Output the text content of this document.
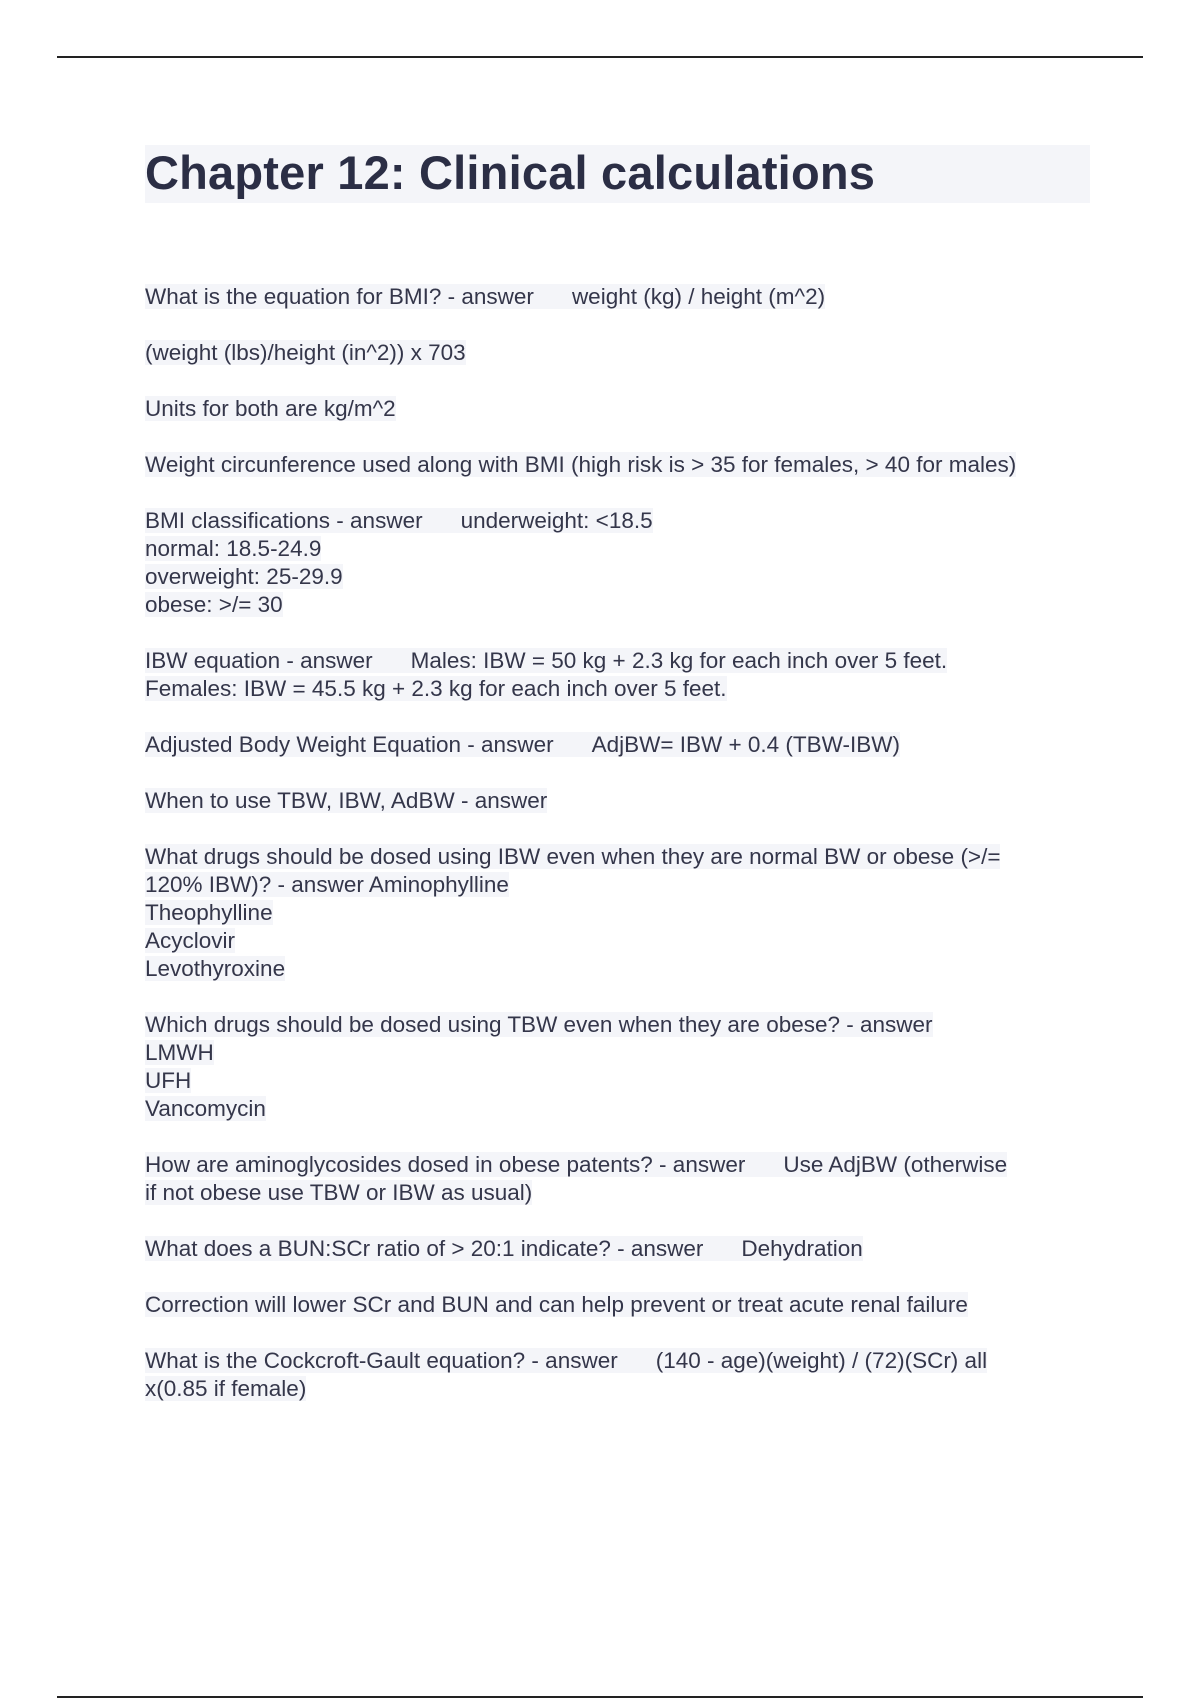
Chapter 12: Clinical calculations
What is the equation for BMI? - answer weight (kg) / height (m^2)
(weight (lbs)/height (in^2)) x 703
Units for both are kg/m^2
Weight circunference used along with BMI (high risk is > 35 for females, > 40 for males)
BMI classifications - answer underweight: <18.5
normal: 18.5-24.9
overweight: 25-29.9
obese: >/= 30
IBW equation - answer Males: IBW = 50 kg + 2.3 kg for each inch over 5 feet.
Females: IBW = 45.5 kg + 2.3 kg for each inch over 5 feet.
Adjusted Body Weight Equation - answer AdjBW= IBW + 0.4 (TBW-IBW)
When to use TBW, IBW, AdBW - answer
What drugs should be dosed using IBW even when they are normal BW or obese (>/=
120% IBW)? - answer Aminophylline
Theophylline
Acyclovir
Levothyroxine
Which drugs should be dosed using TBW even when they are obese? - answer
LMWH
UFH
Vancomycin
How are aminoglycosides dosed in obese patents? - answer Use AdjBW (otherwise
if not obese use TBW or IBW as usual)
What does a BUN:SCr ratio of > 20:1 indicate? - answer Dehydration
Correction will lower SCr and BUN and can help prevent or treat acute renal failure
What is the Cockcroft-Gault equation? - answer (140 - age)(weight) / (72)(SCr) all
x(0.85 if female)
